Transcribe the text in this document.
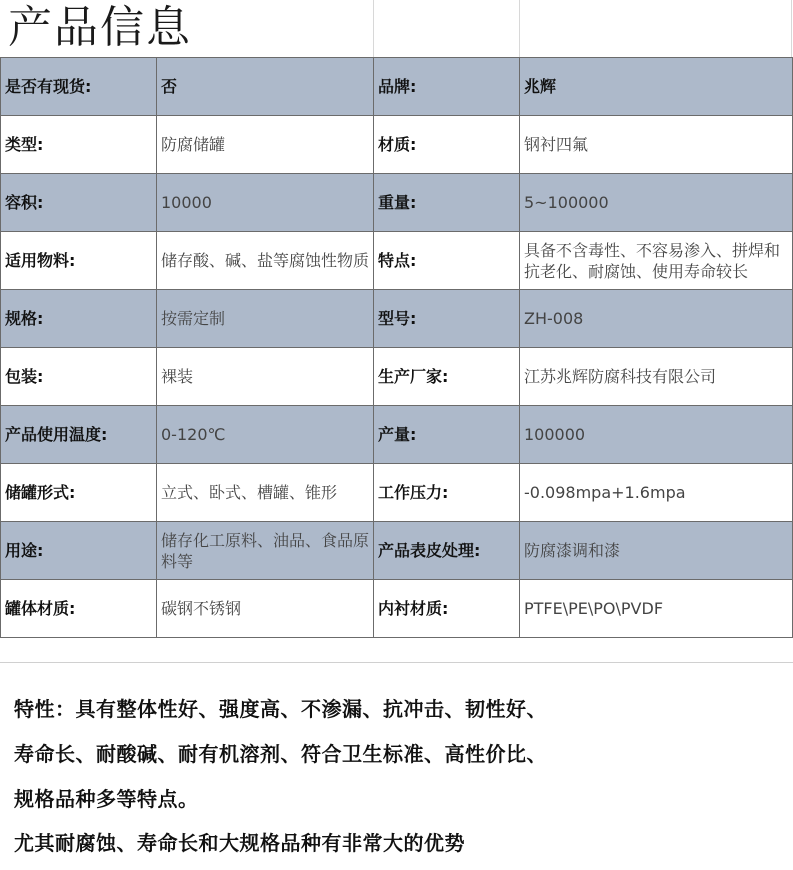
产品信息
是否有现货:	否	品牌:	兆辉
类型:	防腐储罐	材质:	钢衬四氟
容积:	10000	重量:	5~100000
适用物料:	储存酸、碱、盐等腐蚀性物质	特点:	具备不含毒性、不容易渗入、拼焊和抗老化、耐腐蚀、使用寿命较长
规格:	按需定制	型号:	ZH-008
包装:	裸装	生产厂家:	江苏兆辉防腐科技有限公司
产品使用温度:	0-120℃	产量:	100000
储罐形式:	立式、卧式、槽罐、锥形	工作压力:	-0.098mpa+1.6mpa
用途:	储存化工原料、油品、食品原料等	产品表皮处理:	防腐漆调和漆
罐体材质:	碳钢不锈钢	内衬材质:	PTFE\PE\PO\PVDF
特性：具有整体性好、强度高、不渗漏、抗冲击、韧性好、
寿命长、耐酸碱、耐有机溶剂、符合卫生标准、高性价比、
规格品种多等特点。
尤其耐腐蚀、寿命长和大规格品种有非常大的优势
